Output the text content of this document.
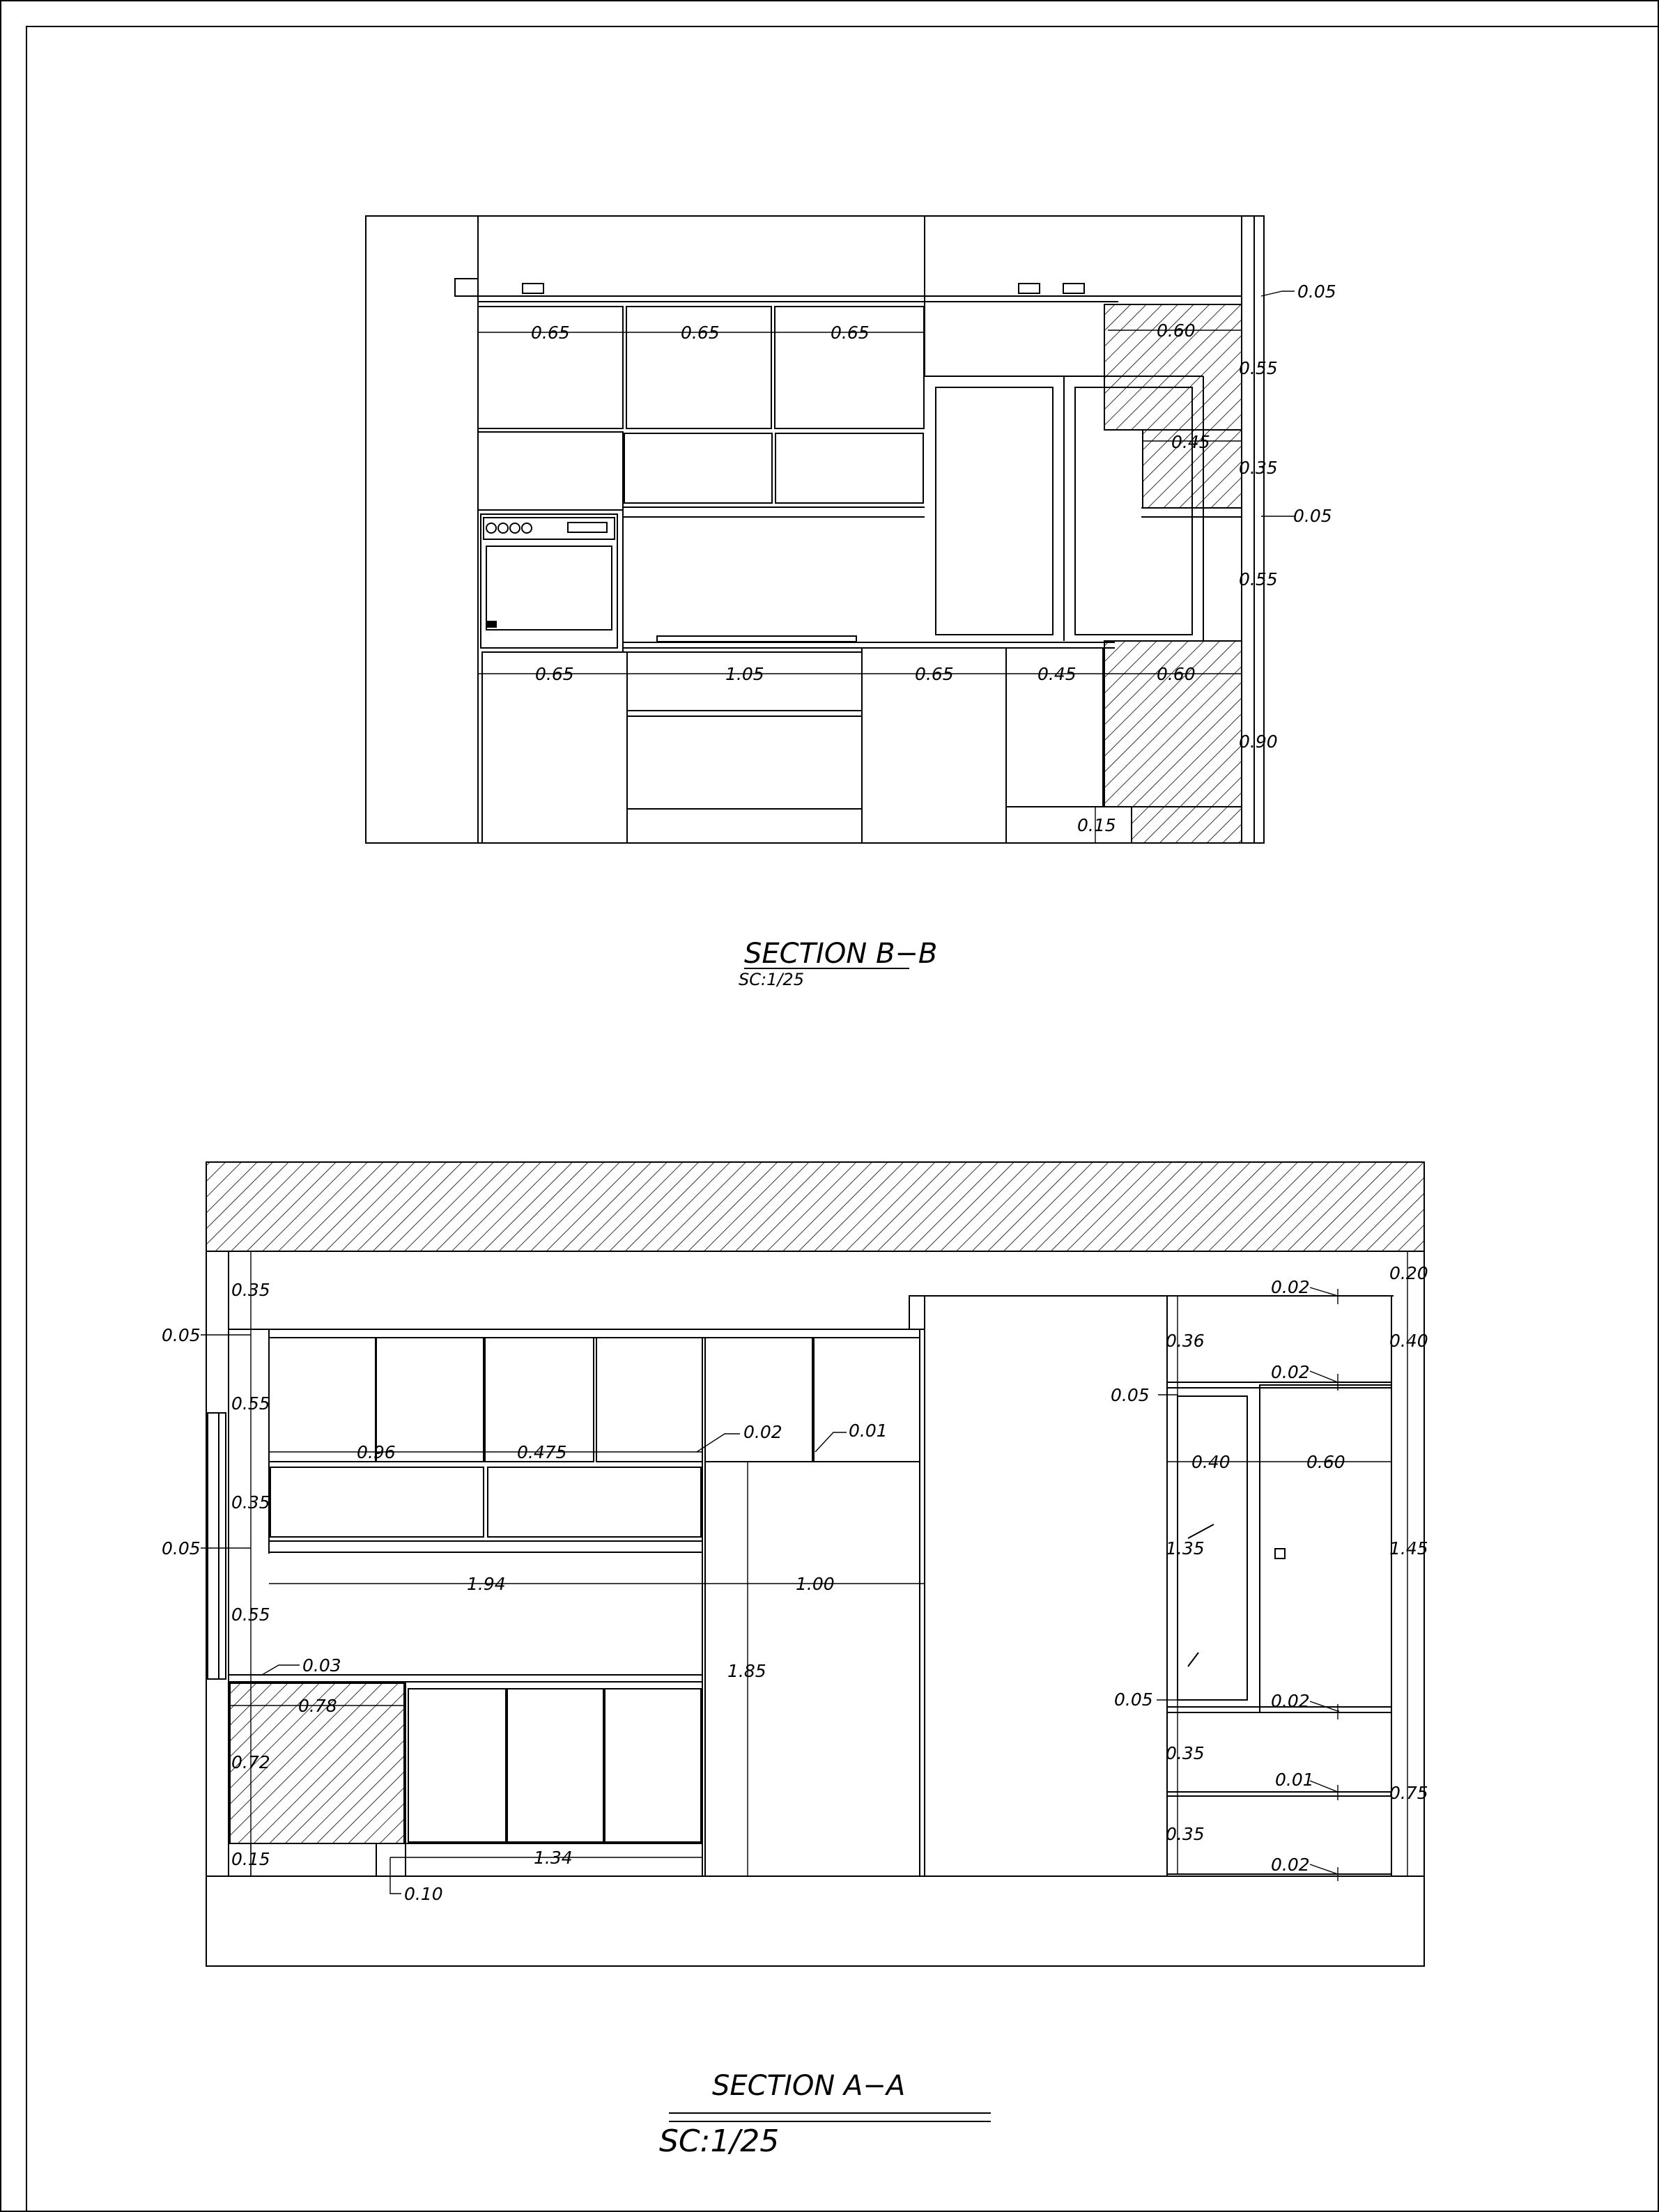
0.65	0.65	0.65	0.60
0.45
0.05
0.55
0.35
0.05
0.55
0.90
0.65	1.05	0.65	0.45	0.60
0.15
SECTION B−B
SC:1/25
0.35
0.05
0.55
0.35
0.05
0.55
0.96	0.475
0.02	0.01
1.94	1.00
1.85
0.03
0.78
0.72
0.15	1.34
0.10
0.02
0.36
0.02
0.05
0.40	0.60
1.35
0.05	0.02
0.35
0.01
0.35
0.02
0.20
0.40
1.45
0.75
SECTION A−A
SC:1/25
